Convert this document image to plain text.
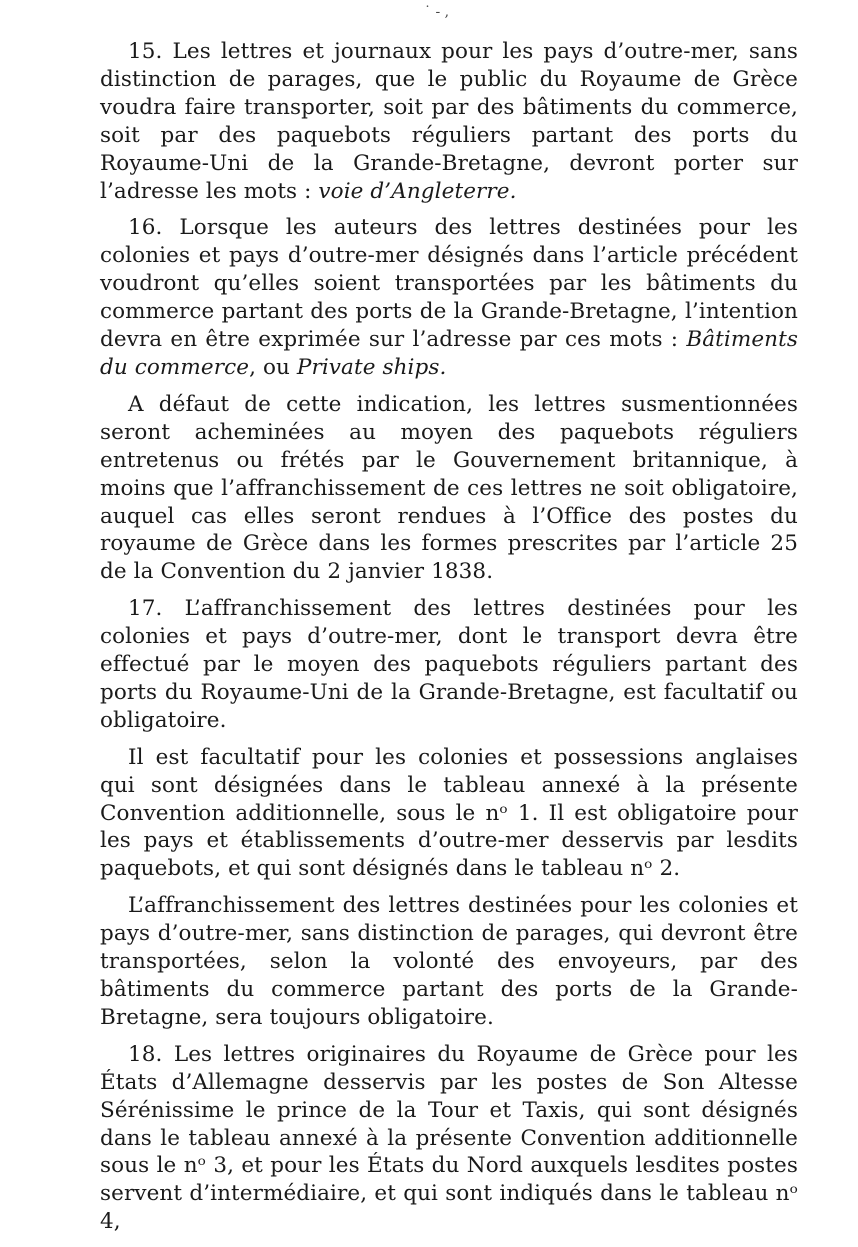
˙ - ,

15. Les lettres et journaux pour les pays d’outre-mer, sans distinction de parages, que le public du Royaume de Grèce voudra faire transporter, soit par des bâtiments du commerce, soit par des paquebots réguliers partant des ports du Royaume-Uni de la Grande-Bretagne, devront porter sur l’adresse les mots : voie d’Angleterre.

16. Lorsque les auteurs des lettres destinées pour les colonies et pays d’outre-mer désignés dans l’article précédent voudront qu’elles soient transportées par les bâtiments du commerce partant des ports de la Grande-Bretagne, l’intention devra en être exprimée sur l’adresse par ces mots : Bâtiments du commerce, ou Private ships.

A défaut de cette indication, les lettres susmentionnées seront acheminées au moyen des paquebots réguliers entretenus ou frétés par le Gouvernement britannique, à moins que l’affranchissement de ces lettres ne soit obligatoire, auquel cas elles seront rendues à l’Office des postes du royaume de Grèce dans les formes prescrites par l’article 25 de la Convention du 2 janvier 1838.

17. L’affranchissement des lettres destinées pour les colonies et pays d’outre-mer, dont le transport devra être effectué par le moyen des paquebots réguliers partant des ports du Royaume-Uni de la Grande-Bretagne, est facultatif ou obligatoire.

Il est facultatif pour les colonies et possessions anglaises qui sont désignées dans le tableau annexé à la présente Convention additionnelle, sous le nᵒ 1. Il est obligatoire pour les pays et établissements d’outre-mer desservis par lesdits paquebots, et qui sont désignés dans le tableau nᵒ 2.

L’affranchissement des lettres destinées pour les colonies et pays d’outre-mer, sans distinction de parages, qui devront être transportées, selon la volonté des envoyeurs, par des bâtiments du commerce partant des ports de la Grande-Bretagne, sera toujours obligatoire.

18. Les lettres originaires du Royaume de Grèce pour les États d’Allemagne desservis par les postes de Son Altesse Sérénissime le prince de la Tour et Taxis, qui sont désignés dans le tableau annexé à la présente Convention additionnelle sous le nᵒ 3, et pour les États du Nord auxquels lesdites postes servent d’intermédiaire, et qui sont indiqués dans le tableau nᵒ 4,
